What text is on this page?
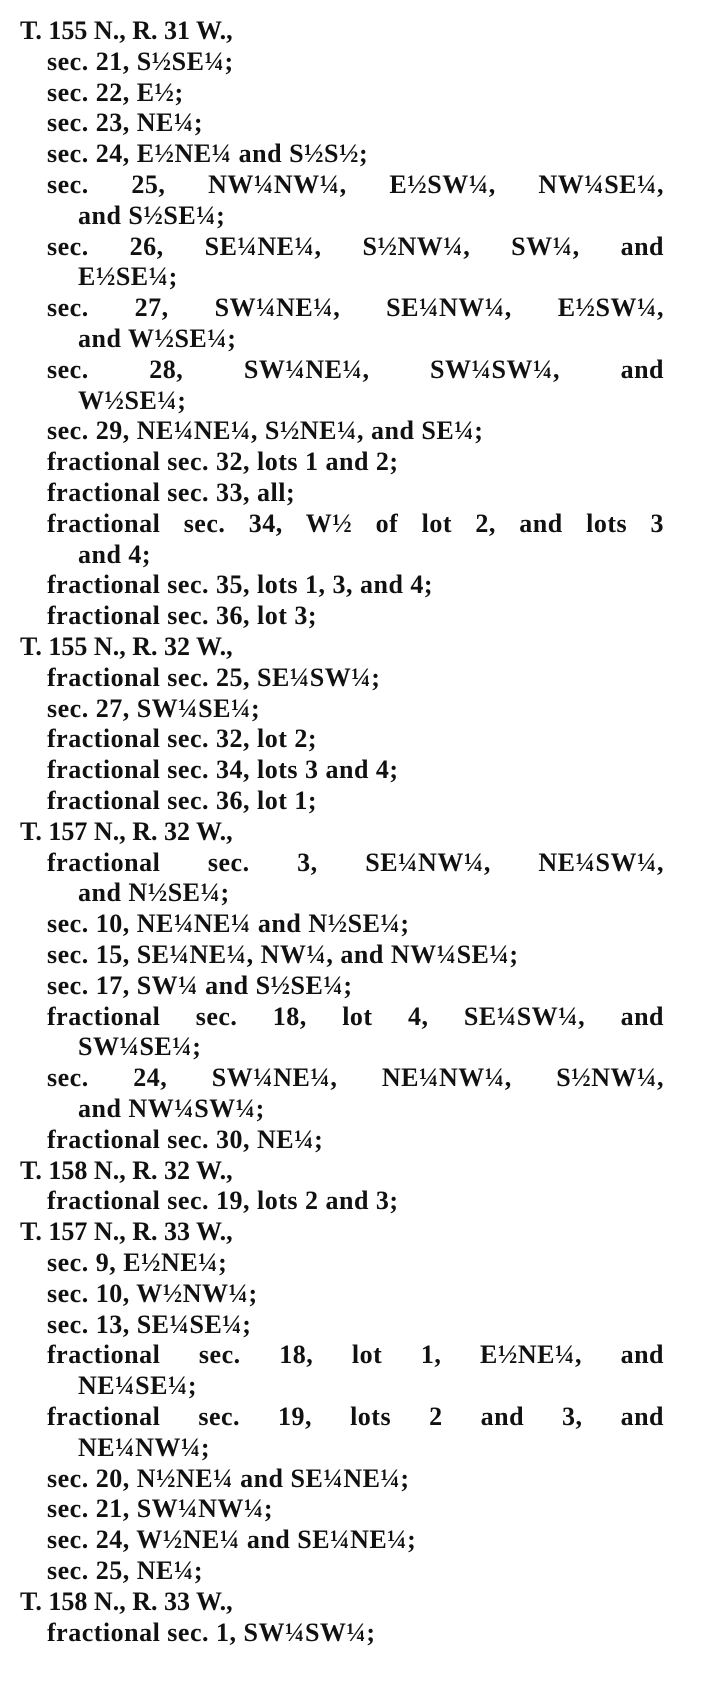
T. 155 N., R. 31 W.,
sec. 21, S½SE¼;
sec. 22, E½;
sec. 23, NE¼;
sec. 24, E½NE¼ and S½S½;
sec. 25, NW¼NW¼, E½SW¼, NW¼SE¼,
and S½SE¼;
sec. 26, SE¼NE¼, S½NW¼, SW¼, and
E½SE¼;
sec. 27, SW¼NE¼, SE¼NW¼, E½SW¼,
and W½SE¼;
sec. 28, SW¼NE¼, SW¼SW¼, and
W½SE¼;
sec. 29, NE¼NE¼, S½NE¼, and SE¼;
fractional sec. 32, lots 1 and 2;
fractional sec. 33, all;
fractional sec. 34, W½ of lot 2, and lots 3
and 4;
fractional sec. 35, lots 1, 3, and 4;
fractional sec. 36, lot 3;
T. 155 N., R. 32 W.,
fractional sec. 25, SE¼SW¼;
sec. 27, SW¼SE¼;
fractional sec. 32, lot 2;
fractional sec. 34, lots 3 and 4;
fractional sec. 36, lot 1;
T. 157 N., R. 32 W.,
fractional sec. 3, SE¼NW¼, NE¼SW¼,
and N½SE¼;
sec. 10, NE¼NE¼ and N½SE¼;
sec. 15, SE¼NE¼, NW¼, and NW¼SE¼;
sec. 17, SW¼ and S½SE¼;
fractional sec. 18, lot 4, SE¼SW¼, and
SW¼SE¼;
sec. 24, SW¼NE¼, NE¼NW¼, S½NW¼,
and NW¼SW¼;
fractional sec. 30, NE¼;
T. 158 N., R. 32 W.,
fractional sec. 19, lots 2 and 3;
T. 157 N., R. 33 W.,
sec. 9, E½NE¼;
sec. 10, W½NW¼;
sec. 13, SE¼SE¼;
fractional sec. 18, lot 1, E½NE¼, and
NE¼SE¼;
fractional sec. 19, lots 2 and 3, and
NE¼NW¼;
sec. 20, N½NE¼ and SE¼NE¼;
sec. 21, SW¼NW¼;
sec. 24, W½NE¼ and SE¼NE¼;
sec. 25, NE¼;
T. 158 N., R. 33 W.,
fractional sec. 1, SW¼SW¼;
